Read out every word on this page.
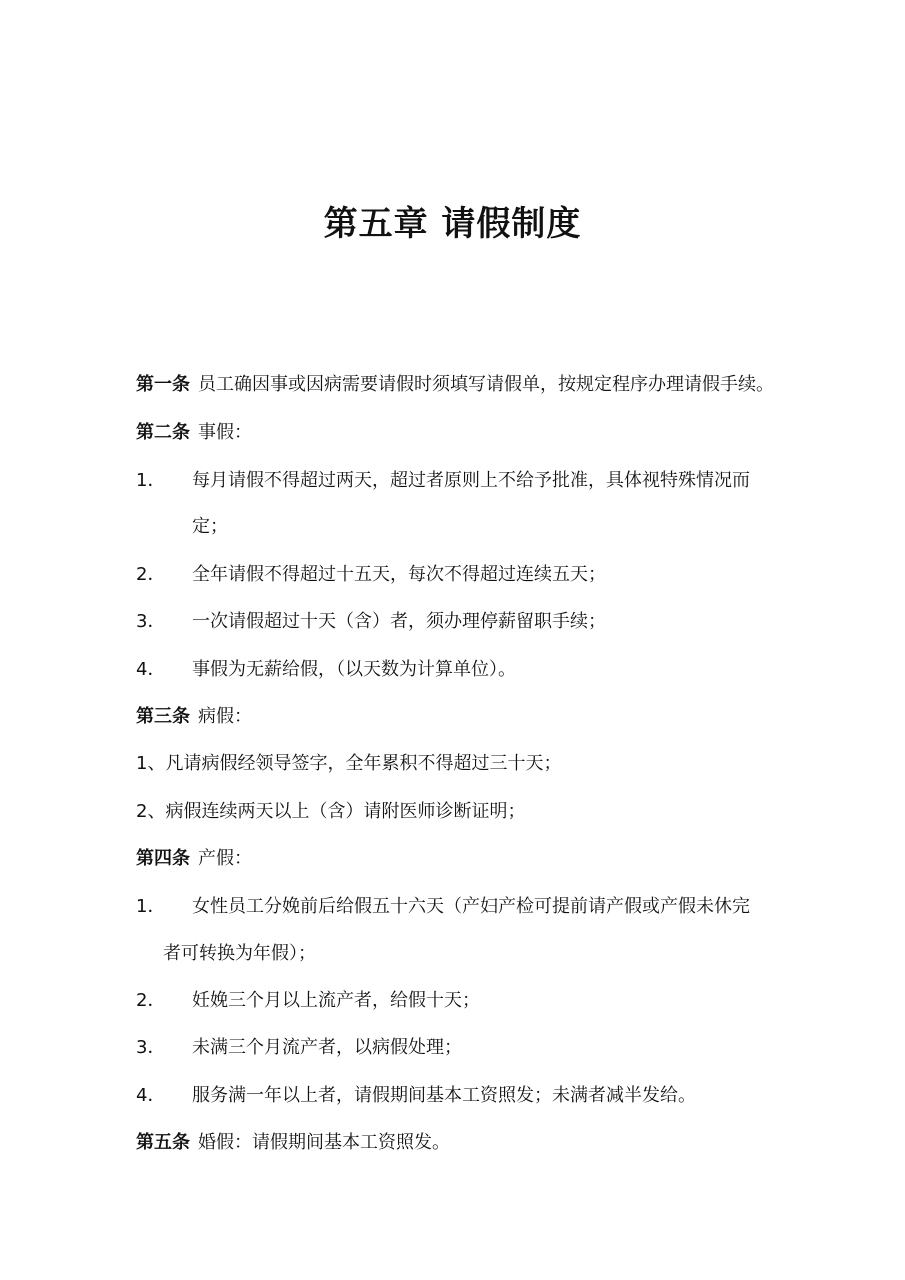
第五章 请假制度
第一条 员工确因事或因病需要请假时须填写请假单，按规定程序办理请假手续。
第二条 事假：
1． 每月请假不得超过两天，超过者原则上不给予批准，具体视特殊情况而
定；
2． 全年请假不得超过十五天，每次不得超过连续五天；
3． 一次请假超过十天（含）者，须办理停薪留职手续；
4． 事假为无薪给假，（以天数为计算单位）。
第三条 病假：
1、凡请病假经领导签字，全年累积不得超过三十天；
2、病假连续两天以上（含）请附医师诊断证明；
第四条 产假：
1． 女性员工分娩前后给假五十六天（产妇产检可提前请产假或产假未休完
者可转换为年假）；
2． 妊娩三个月以上流产者，给假十天；
3． 未满三个月流产者，以病假处理；
4． 服务满一年以上者，请假期间基本工资照发；未满者减半发给。
第五条 婚假：请假期间基本工资照发。
